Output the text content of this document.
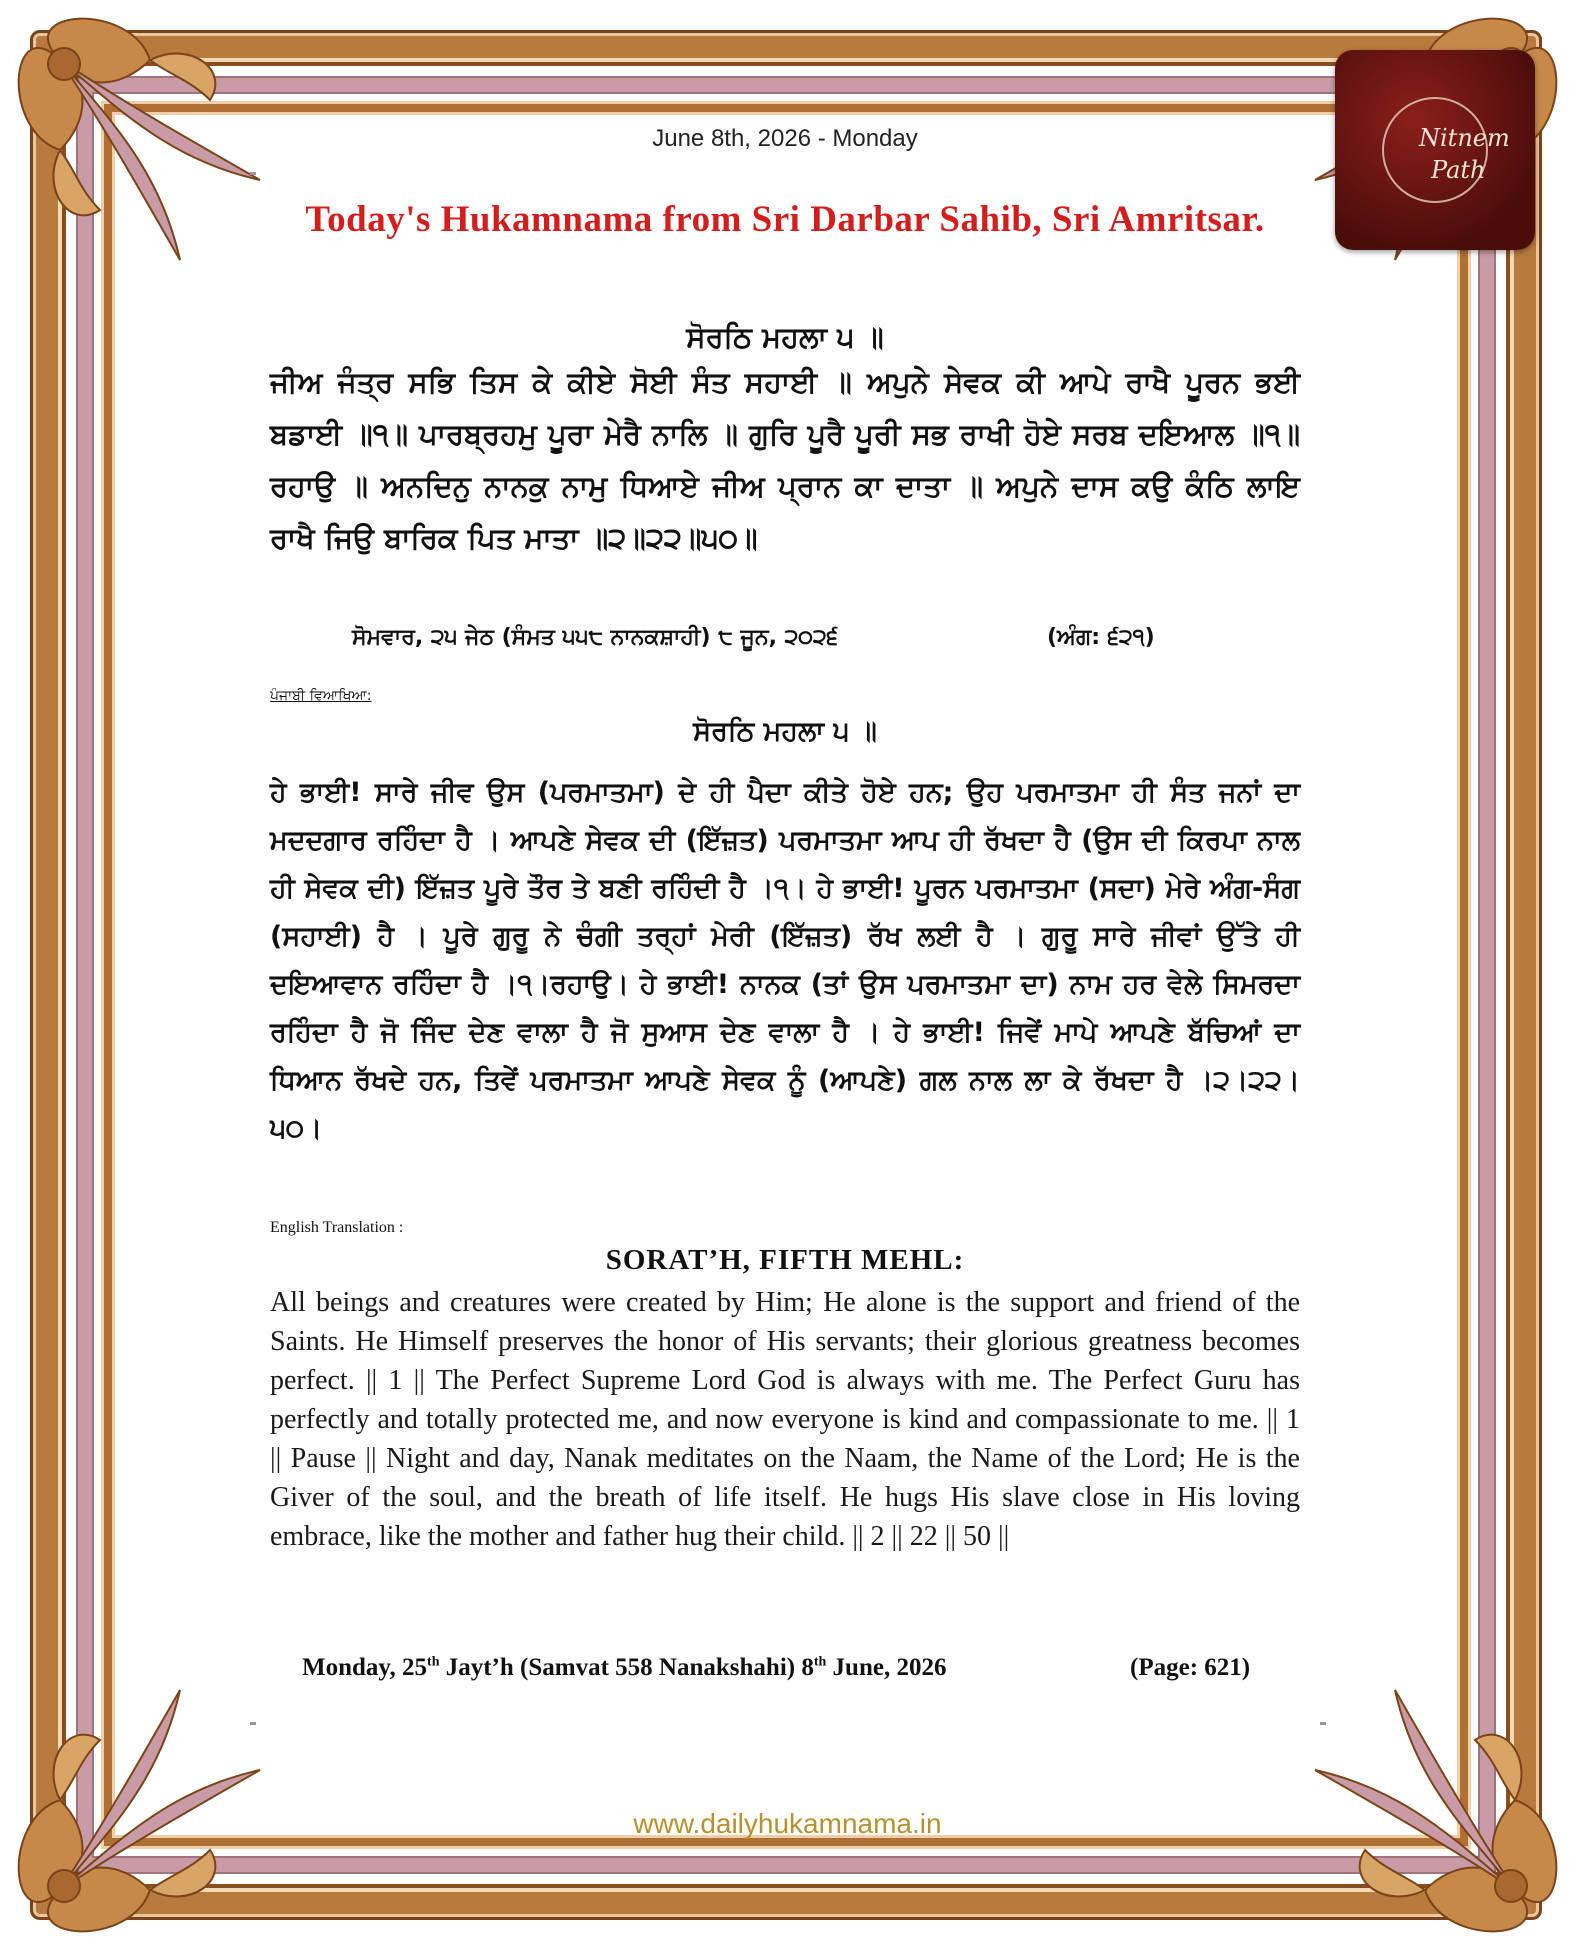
Nitnem
Path
June 8th, 2026 - Monday
Today's Hukamnama from Sri Darbar Sahib, Sri Amritsar.
ਸੋਰਠਿ ਮਹਲਾ ੫ ॥
ਜੀਅ ਜੰਤ੍ਰ ਸਭਿ ਤਿਸ ਕੇ ਕੀਏ ਸੋਈ ਸੰਤ ਸਹਾਈ ॥ ਅਪੁਨੇ ਸੇਵਕ ਕੀ ਆਪੇ ਰਾਖੈ ਪੂਰਨ ਭਈ ਬਡਾਈ ॥੧॥ ਪਾਰਬ੍ਰਹਮੁ ਪੂਰਾ ਮੇਰੈ ਨਾਲਿ ॥ ਗੁਰਿ ਪੂਰੈ ਪੂਰੀ ਸਭ ਰਾਖੀ ਹੋਏ ਸਰਬ ਦਇਆਲ ॥੧॥ ਰਹਾਉ ॥ ਅਨਦਿਨੁ ਨਾਨਕੁ ਨਾਮੁ ਧਿਆਏ ਜੀਅ ਪ੍ਰਾਨ ਕਾ ਦਾਤਾ ॥ ਅਪੁਨੇ ਦਾਸ ਕਉ ਕੰਠਿ ਲਾਇ ਰਾਖੈ ਜਿਉ ਬਾਰਿਕ ਪਿਤ ਮਾਤਾ ॥੨॥੨੨॥੫੦॥
ਸੋਮਵਾਰ, ੨੫ ਜੇਠ (ਸੰਮਤ ੫੫੮ ਨਾਨਕਸ਼ਾਹੀ) ੮ ਜੂਨ, ੨੦੨੬	(ਅੰਗ: ੬੨੧)
ਪੰਜਾਬੀ ਵਿਆਖਿਆ:
ਸੋਰਠਿ ਮਹਲਾ ੫ ॥
ਹੇ ਭਾਈ! ਸਾਰੇ ਜੀਵ ਉਸ (ਪਰਮਾਤਮਾ) ਦੇ ਹੀ ਪੈਦਾ ਕੀਤੇ ਹੋਏ ਹਨ; ਉਹ ਪਰਮਾਤਮਾ ਹੀ ਸੰਤ ਜਨਾਂ ਦਾ ਮਦਦਗਾਰ ਰਹਿੰਦਾ ਹੈ । ਆਪਣੇ ਸੇਵਕ ਦੀ (ਇੱਜ਼ਤ) ਪਰਮਾਤਮਾ ਆਪ ਹੀ ਰੱਖਦਾ ਹੈ (ਉਸ ਦੀ ਕਿਰਪਾ ਨਾਲ ਹੀ ਸੇਵਕ ਦੀ) ਇੱਜ਼ਤ ਪੂਰੇ ਤੌਰ ਤੇ ਬਣੀ ਰਹਿੰਦੀ ਹੈ ।੧। ਹੇ ਭਾਈ! ਪੂਰਨ ਪਰਮਾਤਮਾ (ਸਦਾ) ਮੇਰੇ ਅੰਗ-ਸੰਗ (ਸਹਾਈ) ਹੈ । ਪੂਰੇ ਗੁਰੂ ਨੇ ਚੰਗੀ ਤਰ੍ਹਾਂ ਮੇਰੀ (ਇੱਜ਼ਤ) ਰੱਖ ਲਈ ਹੈ । ਗੁਰੂ ਸਾਰੇ ਜੀਵਾਂ ਉੱਤੇ ਹੀ ਦਇਆਵਾਨ ਰਹਿੰਦਾ ਹੈ ।੧।ਰਹਾਉ। ਹੇ ਭਾਈ! ਨਾਨਕ (ਤਾਂ ਉਸ ਪਰਮਾਤਮਾ ਦਾ) ਨਾਮ ਹਰ ਵੇਲੇ ਸਿਮਰਦਾ ਰਹਿੰਦਾ ਹੈ ਜੋ ਜਿੰਦ ਦੇਣ ਵਾਲਾ ਹੈ ਜੋ ਸੁਆਸ ਦੇਣ ਵਾਲਾ ਹੈ । ਹੇ ਭਾਈ! ਜਿਵੇਂ ਮਾਪੇ ਆਪਣੇ ਬੱਚਿਆਂ ਦਾ ਧਿਆਨ ਰੱਖਦੇ ਹਨ, ਤਿਵੇਂ ਪਰਮਾਤਮਾ ਆਪਣੇ ਸੇਵਕ ਨੂੰ (ਆਪਣੇ) ਗਲ ਨਾਲ ਲਾ ਕੇ ਰੱਖਦਾ ਹੈ ।੨।੨੨।੫੦।
English Translation :
SORAT’H, FIFTH MEHL:
All beings and creatures were created by Him; He alone is the support and friend of the Saints. He Himself preserves the honor of His servants; their glorious greatness becomes perfect. || 1 || The Perfect Supreme Lord God is always with me. The Perfect Guru has perfectly and totally protected me, and now everyone is kind and compassionate to me. || 1 || Pause || Night and day, Nanak meditates on the Naam, the Name of the Lord; He is the Giver of the soul, and the breath of life itself. He hugs His slave close in His loving embrace, like the mother and father hug their child. || 2 || 22 || 50 ||
Monday, 25th Jayt’h (Samvat 558 Nanakshahi) 8th June, 2026	(Page: 621)
www.dailyhukamnama.in
